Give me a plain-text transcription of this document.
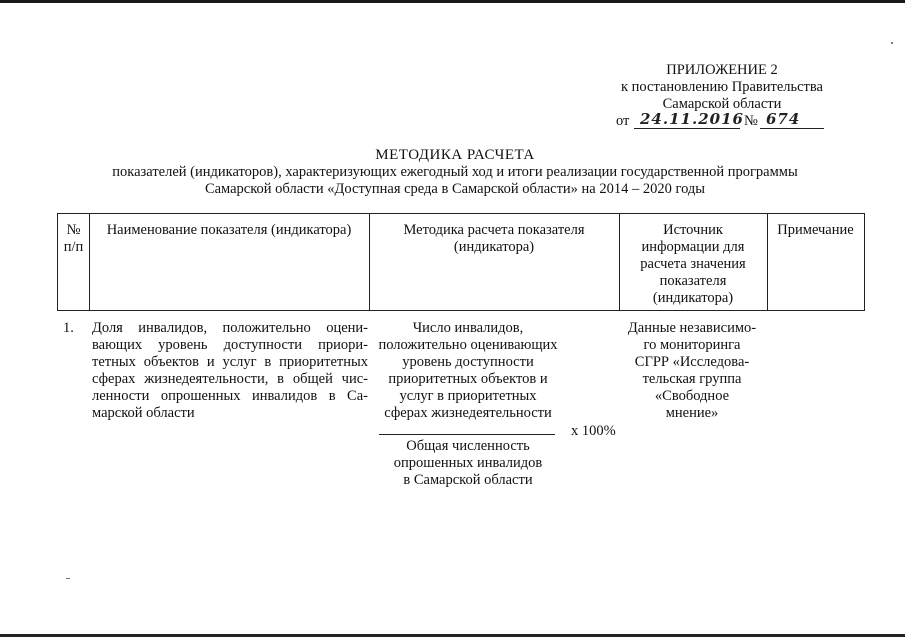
ПРИЛОЖЕНИЕ 2
к постановлению Правительства
Самарской области
от 24.11.2016 № 674
МЕТОДИКА РАСЧЕТА
показателей (индикаторов), характеризующих ежегодный ход и итоги реализации государственной программы
Самарской области «Доступная среда в Самарской области» на 2014 – 2020 годы
№
п/п
Наименование показателя (индикатора)	Методика расчета показателя
(индикатора)
Источник
информации для
расчета значения
показателя
(индикатора)
Примечание
1. Доля инвалидов, положительно оцени-
вающих уровень доступности приори-
тетных объектов и услуг в приоритетных
сферах жизнедеятельности, в общей чис-
ленности опрошенных инвалидов в Са-
марской области
Число инвалидов,
положительно оценивающих
уровень доступности
приоритетных объектов и
услуг в приоритетных
сферах жизнедеятельности
x 100%
Общая численность
опрошенных инвалидов
в Самарской области
Данные независимо-
го мониторинга
СГРР «Исследова-
тельская группа
«Свободное
мнение»
